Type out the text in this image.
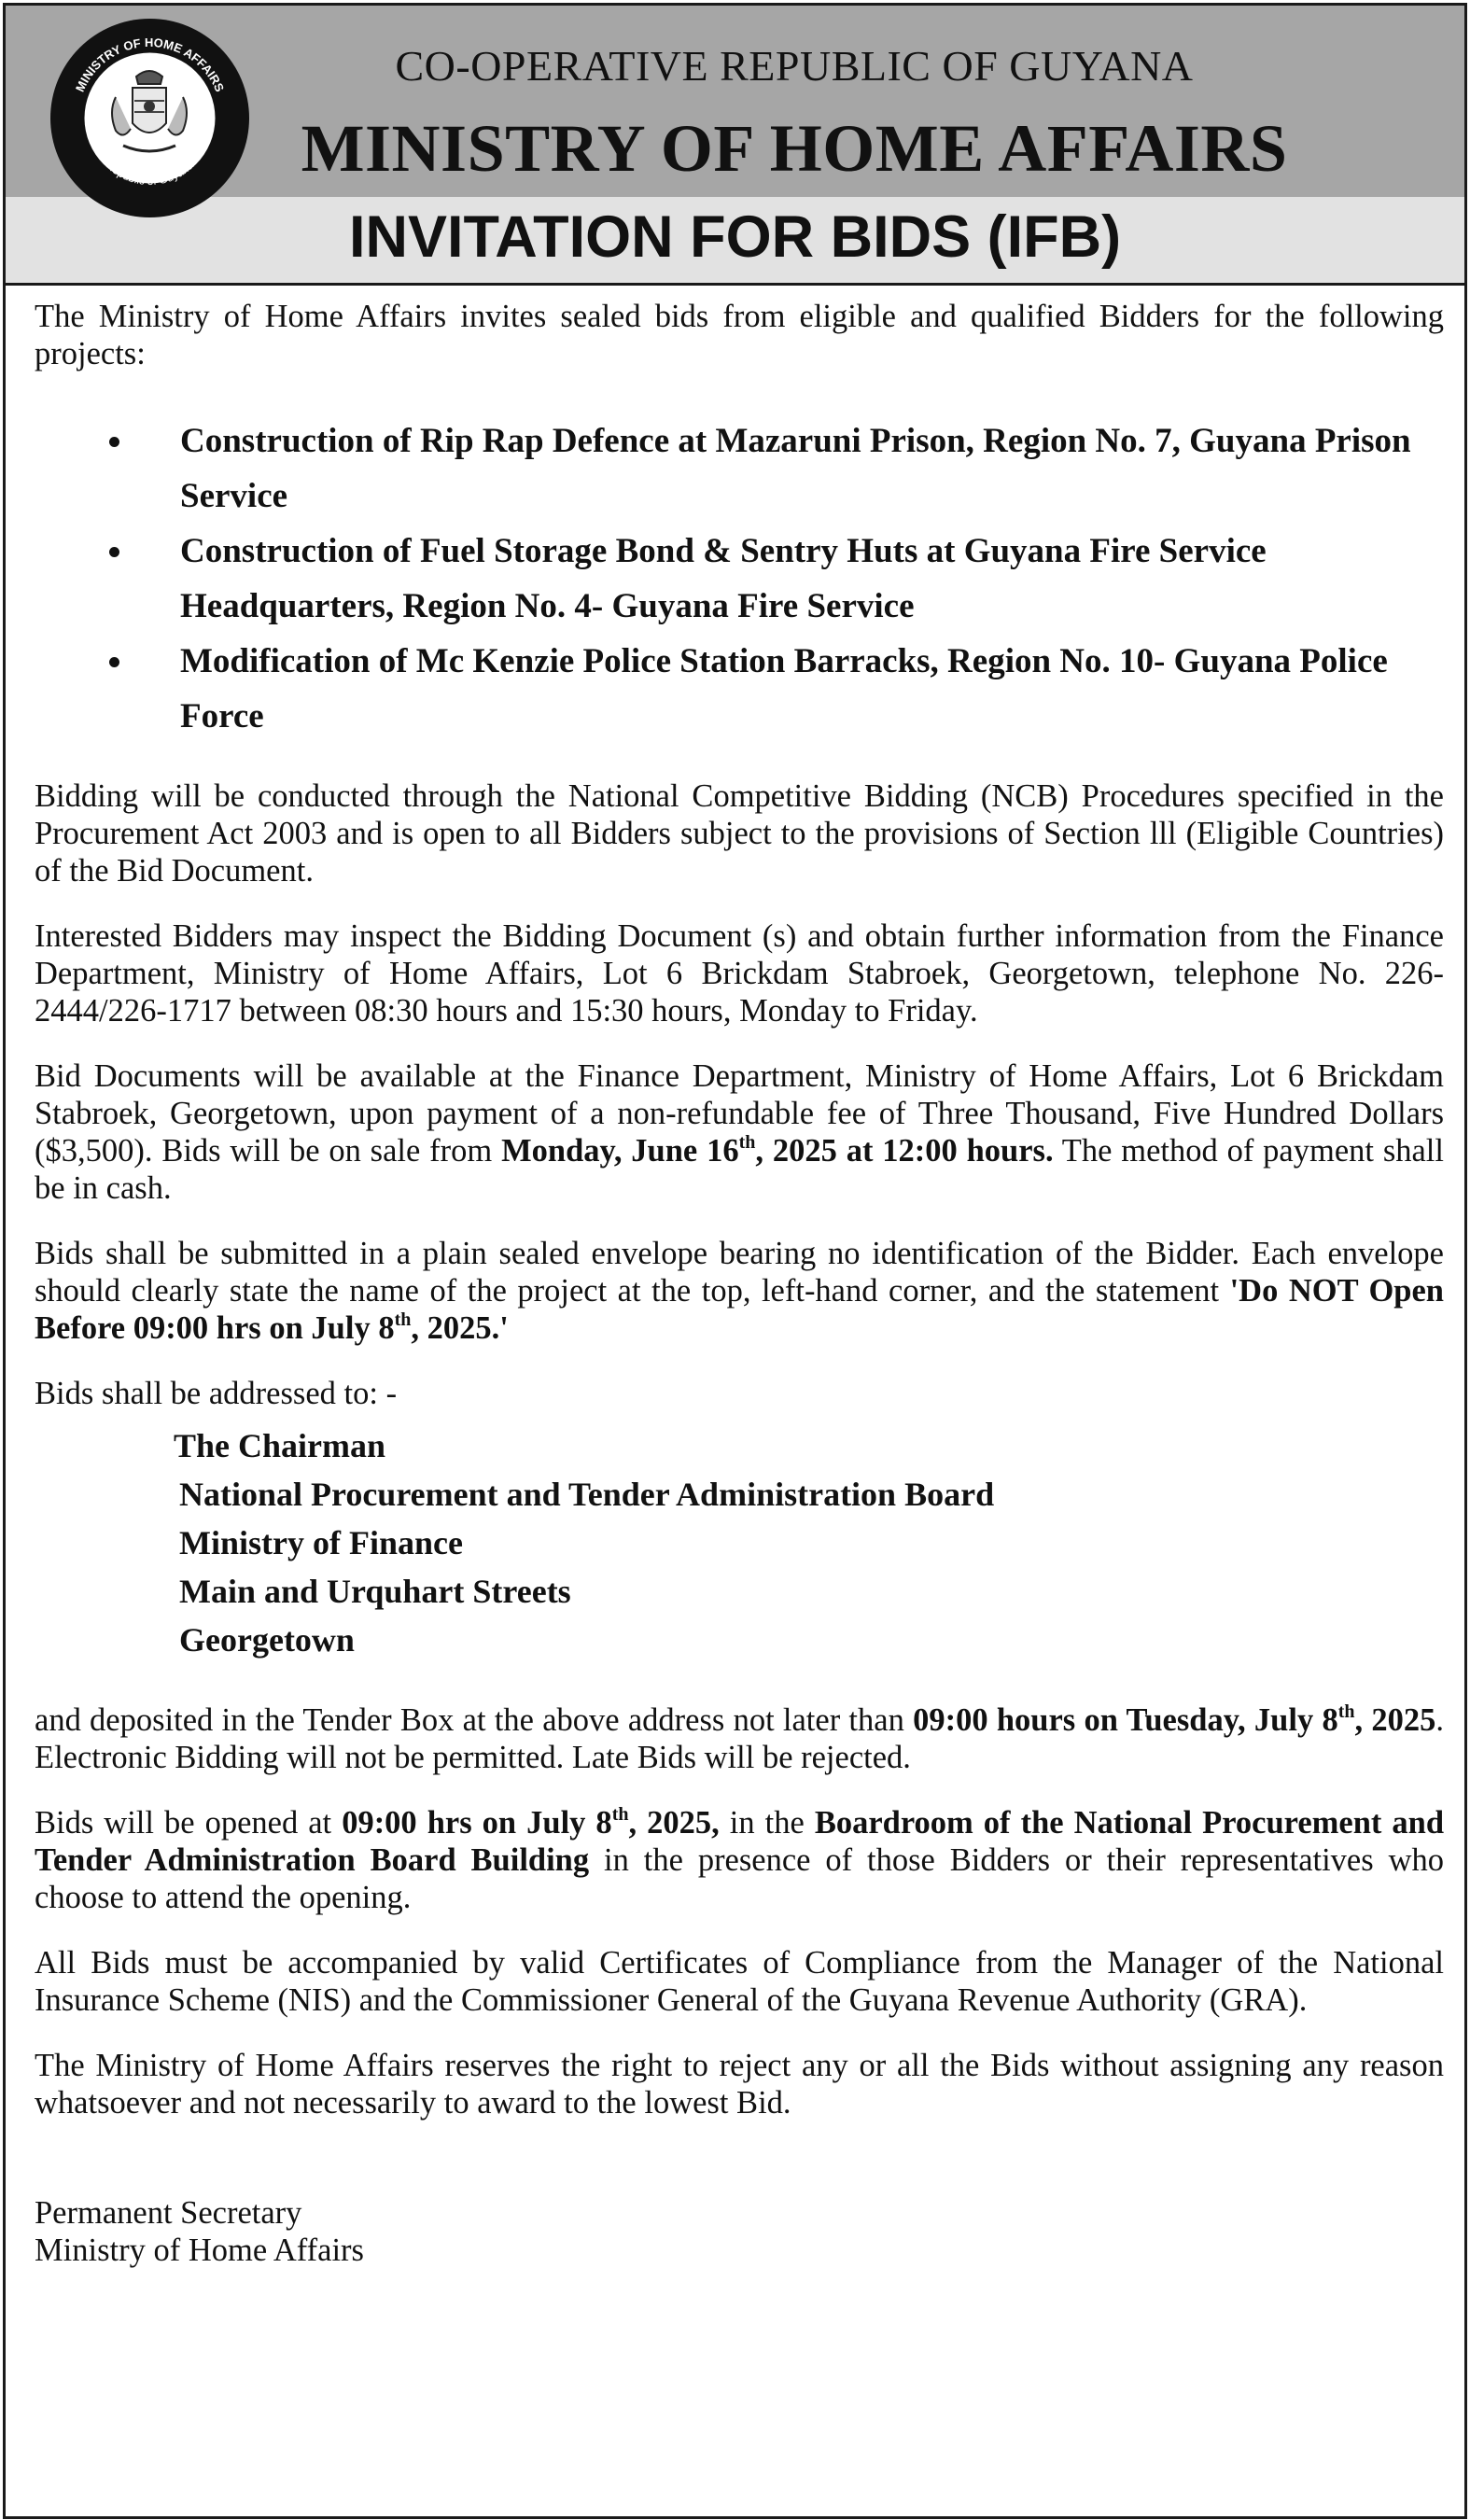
MINISTRY OF HOME AFFAIRS
Republic of Guyana
CO-OPERATIVE REPUBLIC OF GUYANA
MINISTRY OF HOME AFFAIRS
INVITATION FOR BIDS (IFB)

The Ministry of Home Affairs invites sealed bids from eligible and qualified Bidders for the following projects:

Construction of Rip Rap Defence at Mazaruni Prison, Region No. 7, Guyana Prison Service
Construction of Fuel Storage Bond & Sentry Huts at Guyana Fire Service Headquarters, Region No. 4- Guyana Fire Service
Modification of Mc Kenzie Police Station Barracks, Region No. 10- Guyana Police Force

Bidding will be conducted through the National Competitive Bidding (NCB) Procedures specified in the Procurement Act 2003 and is open to all Bidders subject to the provisions of Section lll (Eligible Countries) of the Bid Document.

Interested Bidders may inspect the Bidding Document (s) and obtain further information from the Finance Department, Ministry of Home Affairs, Lot 6 Brickdam Stabroek, Georgetown, telephone No. 226-2444/226-1717 between 08:30 hours and 15:30 hours, Monday to Friday.

Bid Documents will be available at the Finance Department, Ministry of Home Affairs, Lot 6 Brickdam Stabroek, Georgetown, upon payment of a non-refundable fee of Three Thousand, Five Hundred Dollars ($3,500). Bids will be on sale from Monday, June 16th, 2025 at 12:00 hours. The method of payment shall be in cash.

Bids shall be submitted in a plain sealed envelope bearing no identification of the Bidder. Each envelope should clearly state the name of the project at the top, left-hand corner, and the statement 'Do NOT Open Before 09:00 hrs on July 8th, 2025.'

Bids shall be addressed to: -

The Chairman
National Procurement and Tender Administration Board
Ministry of Finance
Main and Urquhart Streets
Georgetown

and deposited in the Tender Box at the above address not later than 09:00 hours on Tuesday, July 8th, 2025. Electronic Bidding will not be permitted. Late Bids will be rejected.

Bids will be opened at 09:00 hrs on July 8th, 2025, in the Boardroom of the National Procurement and Tender Administration Board Building in the presence of those Bidders or their representatives who choose to attend the opening.

All Bids must be accompanied by valid Certificates of Compliance from the Manager of the National Insurance Scheme (NIS) and the Commissioner General of the Guyana Revenue Authority (GRA).

The Ministry of Home Affairs reserves the right to reject any or all the Bids without assigning any reason whatsoever and not necessarily to award to the lowest Bid.

Permanent Secretary
Ministry of Home Affairs
